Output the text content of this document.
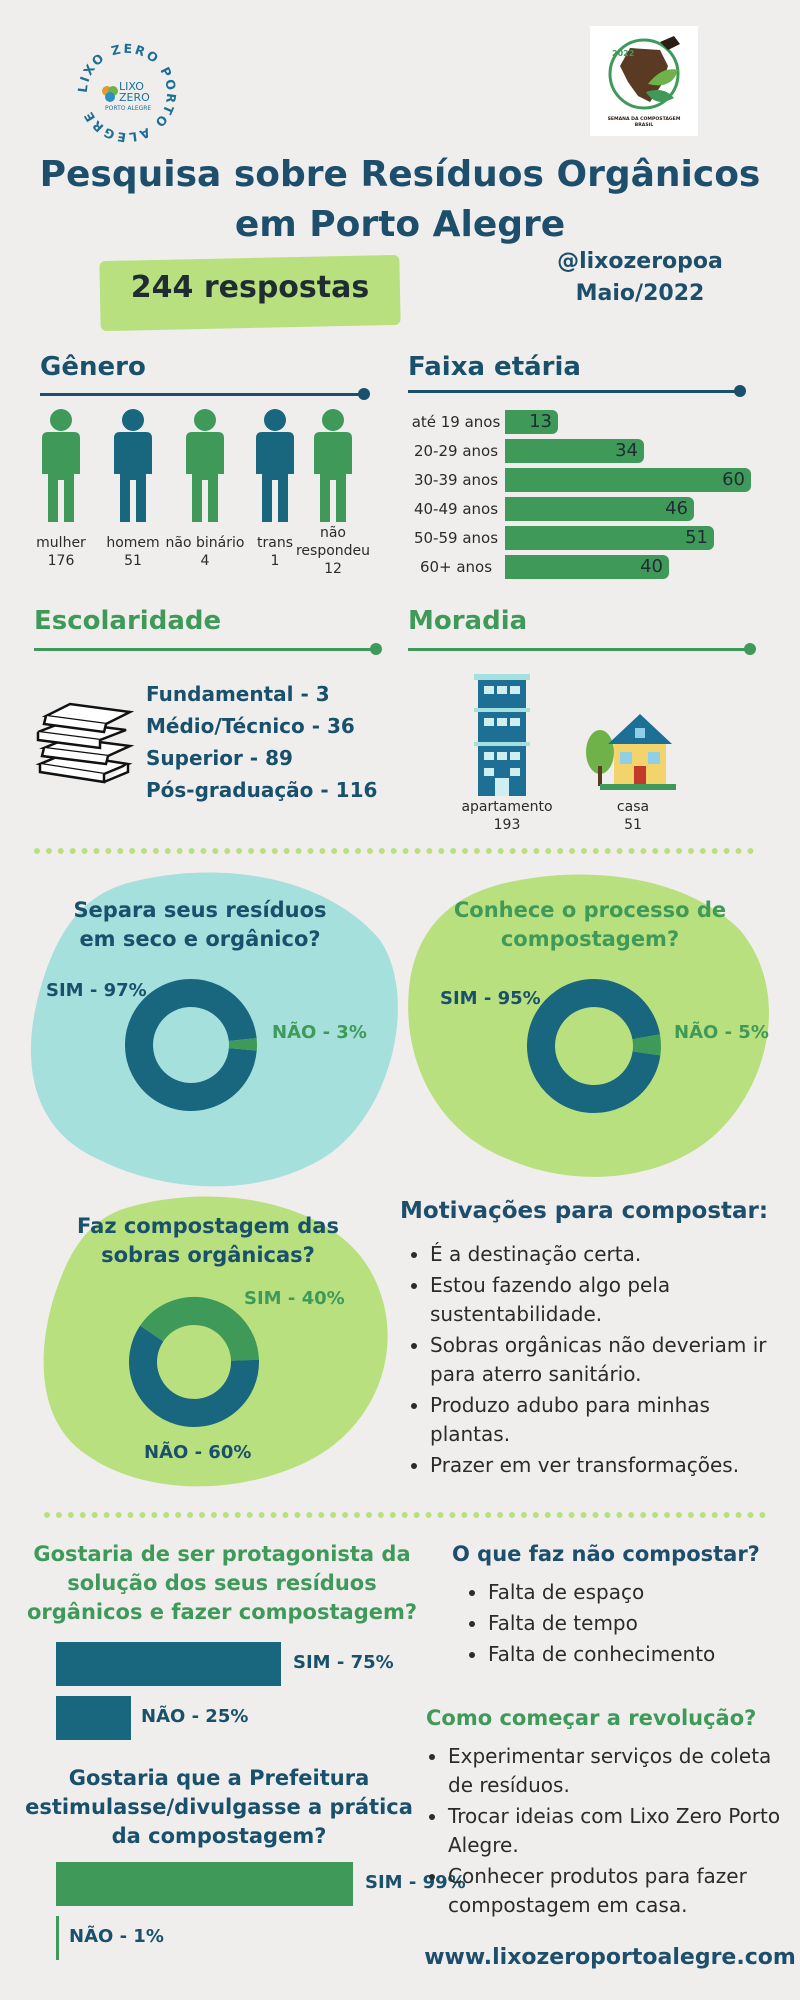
LIXO ZERO PORTO ALEGRE
LIXO
ZERO
PORTO ALEGRE
2022
SEMANA DA COMPOSTAGEM
BRASIL
Pesquisa sobre Resíduos Orgânicos
em Porto Alegre
244 respostas
@lixozeropoa
Maio/2022
Gênero
mulher
176
homem
51
não binário
4
trans
1
não respondeu
12
Faixa etária
até 19 anos	13
20-29 anos	34
30-39 anos	60
40-49 anos	46
50-59 anos	51
60+ anos	40
Escolaridade
Fundamental - 3
Médio/Técnico - 36
Superior - 89
Pós-graduação - 116
Moradia
apartamento
193
casa
51
Separa seus resíduos em seco e orgânico?
SIM - 97%
NÃO - 3%
Conhece o processo de compostagem?
SIM - 95%
NÃO - 5%
Faz compostagem das sobras orgânicas?
SIM - 40%
NÃO - 60%
Motivações para compostar:
• É a destinação certa.
• Estou fazendo algo pela sustentabilidade.
• Sobras orgânicas não deveriam ir para aterro sanitário.
• Produzo adubo para minhas plantas.
• Prazer em ver transformações.
Gostaria de ser protagonista da solução dos seus resíduos orgânicos e fazer compostagem?
SIM - 75%
NÃO - 25%
Gostaria que a Prefeitura estimulasse/divulgasse a prática da compostagem?
SIM - 99%
NÃO - 1%
O que faz não compostar?
• Falta de espaço
• Falta de tempo
• Falta de conhecimento
Como começar a revolução?
• Experimentar serviços de coleta de resíduos.
• Trocar ideias com Lixo Zero Porto Alegre.
• Conhecer produtos para fazer compostagem em casa.
www.lixozeroportoalegre.com
